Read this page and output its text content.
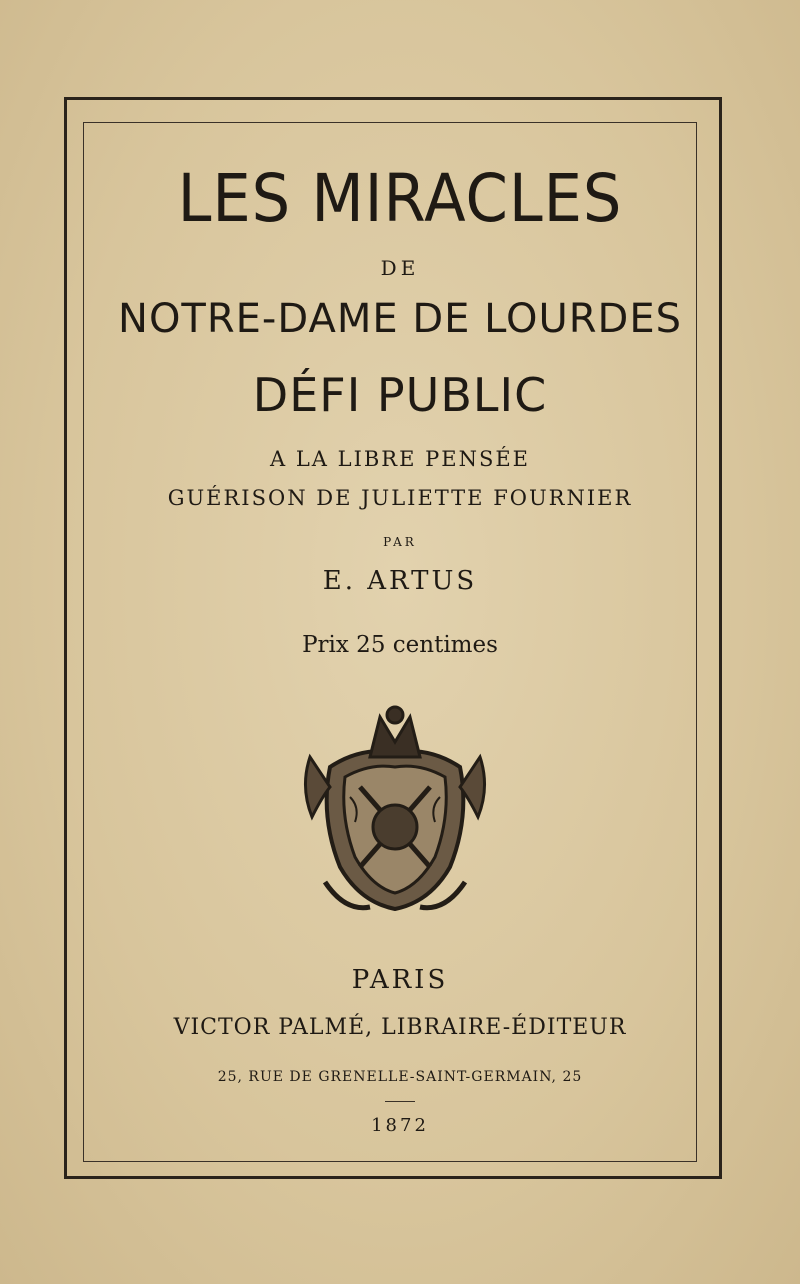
LES MIRACLES
DE
NOTRE-DAME DE LOURDES
DÉFI PUBLIC
A LA LIBRE PENSÉE
GUÉRISON DE JULIETTE FOURNIER
PAR
E. ARTUS
Prix 25 centimes
PARIS
VICTOR PALMÉ, LIBRAIRE-ÉDITEUR
25, RUE DE GRENELLE-SAINT-GERMAIN, 25
1872
